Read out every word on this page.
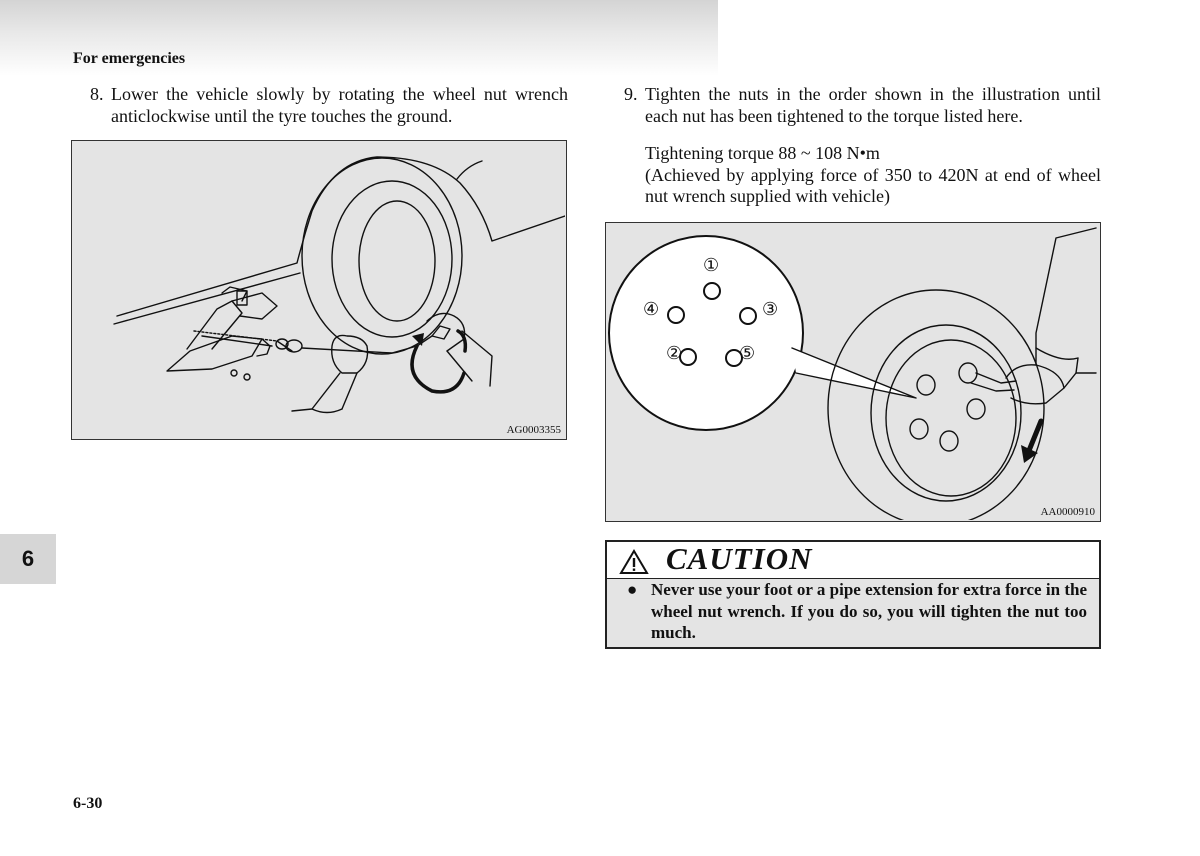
For emergencies
8. Lower the vehicle slowly by rotating the wheel nut wrench anticlockwise until the tyre touches the ground.
AG0003355
9. Tighten the nuts in the order shown in the illustration until each nut has been tightened to the torque listed here.
Tightening torque 88 ~ 108 N•m
(Achieved by applying force of 350 to 420N at end of wheel nut wrench supplied with vehicle)
①
②
③
④
⑤
AA0000910
6	CAUTION
● Never use your foot or a pipe extension for extra force in the wheel nut wrench. If you do so, you will tighten the nut too much.
6-30
